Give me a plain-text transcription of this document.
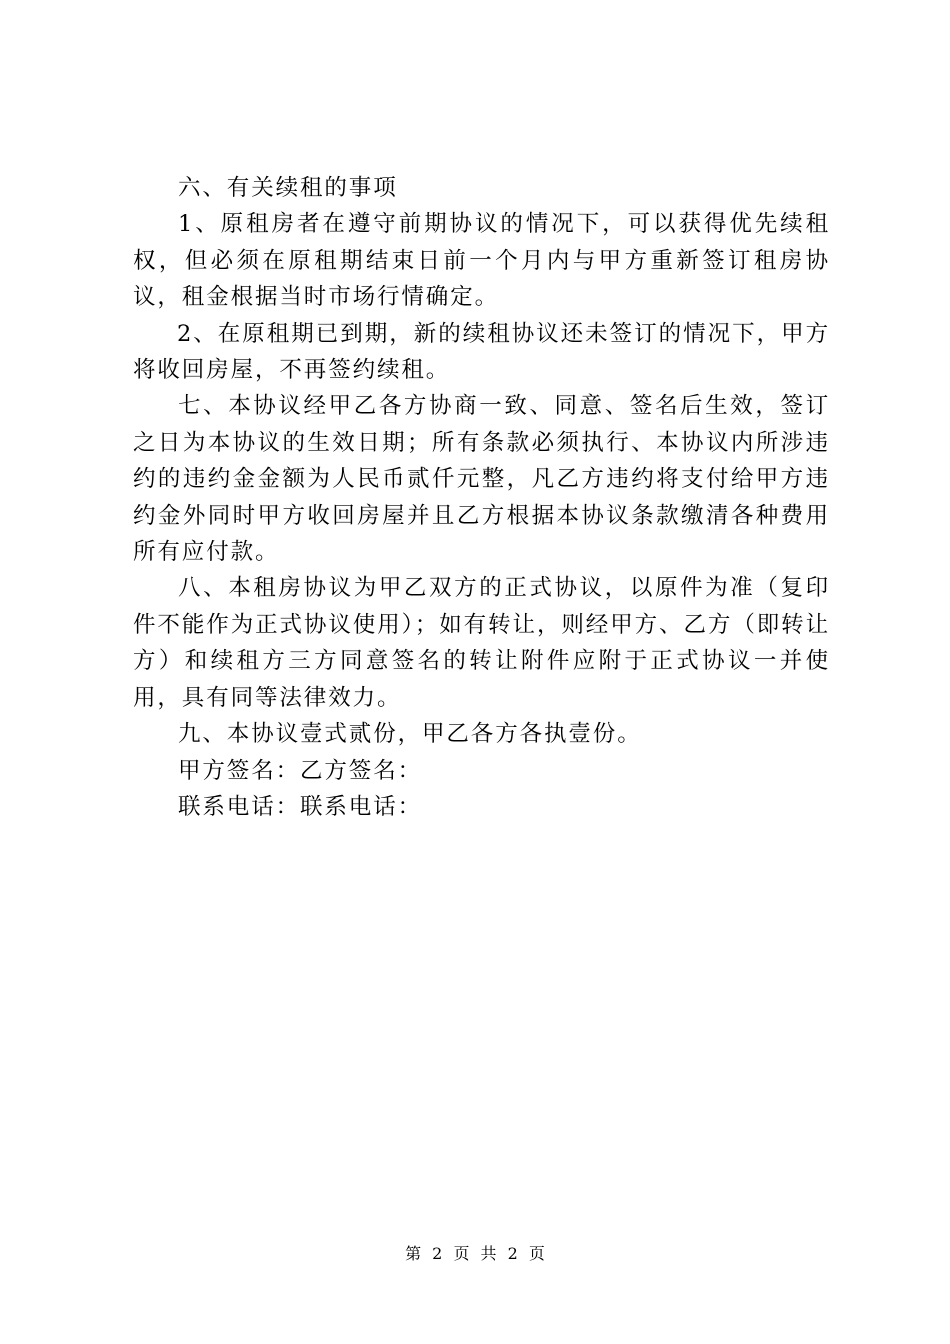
六、有关续租的事项

1、原租房者在遵守前期协议的情况下，可以获得优先续租权，但必须在原租期结束日前一个月内与甲方重新签订租房协议，租金根据当时市场行情确定。

2、在原租期已到期，新的续租协议还未签订的情况下，甲方将收回房屋，不再签约续租。

七、本协议经甲乙各方协商一致、同意、签名后生效，签订之日为本协议的生效日期；所有条款必须执行、本协议内所涉违约的违约金金额为人民币贰仟元整，凡乙方违约将支付给甲方违约金外同时甲方收回房屋并且乙方根据本协议条款缴清各种费用所有应付款。

八、本租房协议为甲乙双方的正式协议，以原件为准（复印件不能作为正式协议使用）；如有转让，则经甲方、乙方（即转让方）和续租方三方同意签名的转让附件应附于正式协议一并使用，具有同等法律效力。

九、本协议壹式贰份，甲乙各方各执壹份。

甲方签名：乙方签名：

联系电话：联系电话：

第 2 页 共 2 页
